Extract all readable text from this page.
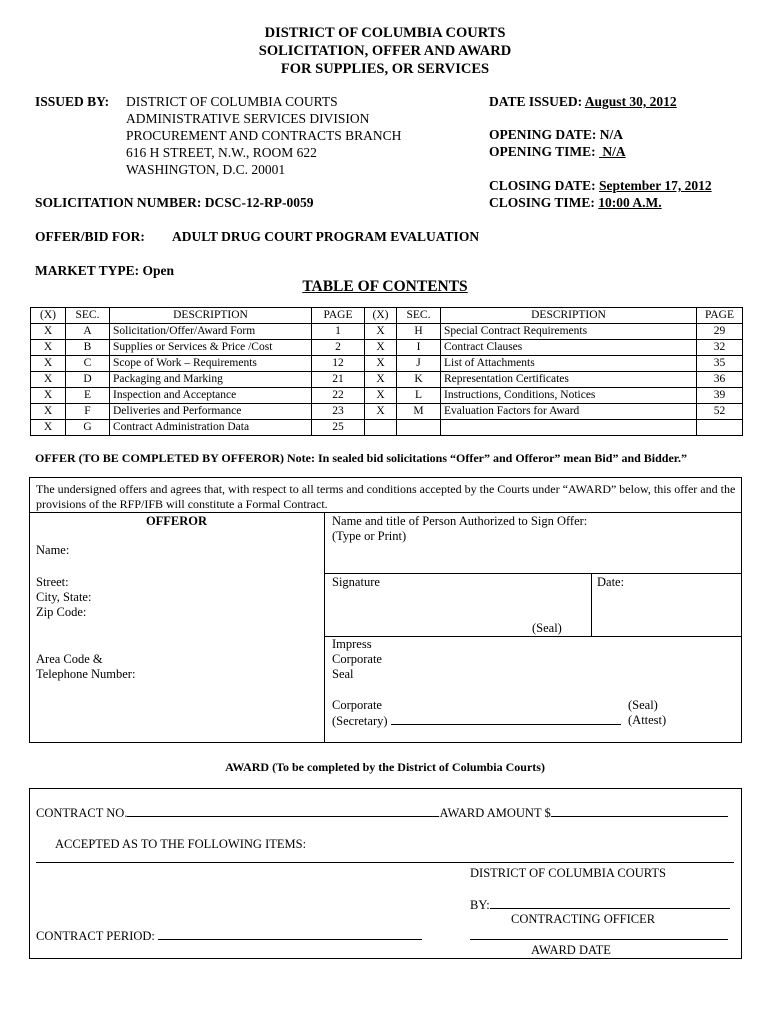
DISTRICT OF COLUMBIA COURTS
SOLICITATION, OFFER AND AWARD
FOR SUPPLIES, OR SERVICES
ISSUED BY: DISTRICT OF COLUMBIA COURTS
ADMINISTRATIVE SERVICES DIVISION
PROCUREMENT AND CONTRACTS BRANCH
616 H STREET, N.W., ROOM 622
WASHINGTON, D.C. 20001
DATE ISSUED: August 30, 2012
OPENING DATE: N/A
OPENING TIME: N/A
CLOSING DATE: September 17, 2012
CLOSING TIME: 10:00 A.M.
SOLICITATION NUMBER: DCSC-12-RP-0059
OFFER/BID FOR: ADULT DRUG COURT PROGRAM EVALUATION
MARKET TYPE: Open
TABLE OF CONTENTS
(X)	SEC.	DESCRIPTION	PAGE	(X)	SEC.	DESCRIPTION	PAGE
X	A	Solicitation/Offer/Award Form	1	X	H	Special Contract Requirements	29
X	B	Supplies or Services & Price /Cost	2	X	I	Contract Clauses	32
X	C	Scope of Work – Requirements	12	X	J	List of Attachments	35
X	D	Packaging and Marking	21	X	K	Representation Certificates	36
X	E	Inspection and Acceptance	22	X	L	Instructions, Conditions, Notices	39
X	F	Deliveries and Performance	23	X	M	Evaluation Factors for Award	52
X	G	Contract Administration Data	25				
OFFER (TO BE COMPLETED BY OFFEROR) Note: In sealed bid solicitations “Offer” and Offeror” mean Bid” and Bidder.”
The undersigned offers and agrees that, with respect to all terms and conditions accepted by the Courts under “AWARD” below, this offer and the provisions of the RFP/IFB will constitute a Formal Contract.
OFFEROR
Name:
Street:
City, State:
Zip Code:
Area Code &
Telephone Number:
Name and title of Person Authorized to Sign Offer:
(Type or Print)
Signature	Date:
(Seal)
Impress
Corporate
Seal
Corporate
(Secretary)
(Seal)
(Attest)
AWARD (To be completed by the District of Columbia Courts)
CONTRACT NO.	AWARD AMOUNT $
ACCEPTED AS TO THE FOLLOWING ITEMS:
DISTRICT OF COLUMBIA COURTS
BY:
CONTRACTING OFFICER
CONTRACT PERIOD:
AWARD DATE
